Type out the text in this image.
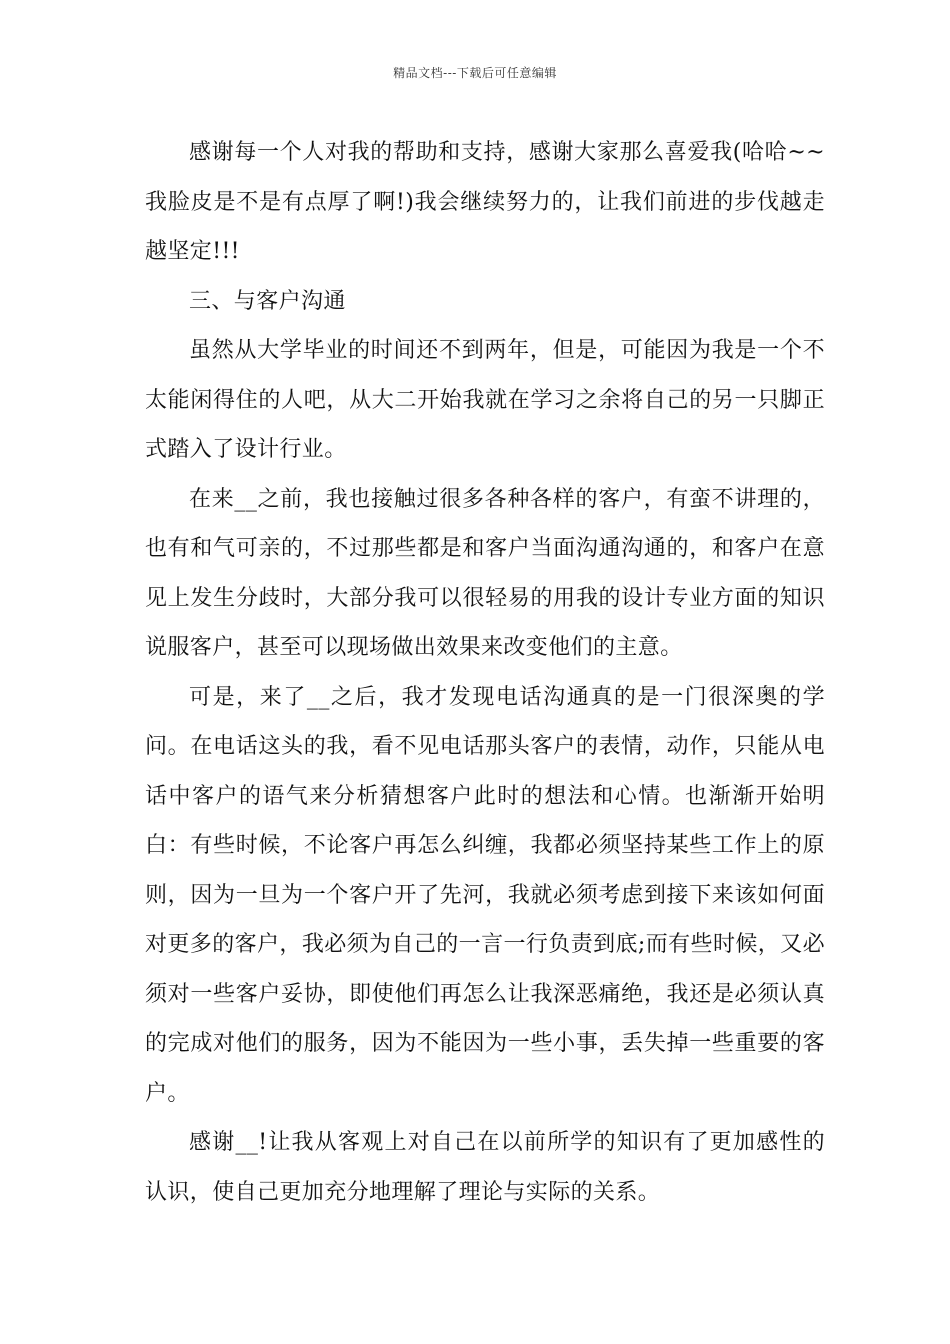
精品文档---下载后可任意编辑

感谢每一个人对我的帮助和支持，感谢大家那么喜爱我(哈哈~~我脸皮是不是有点厚了啊!)我会继续努力的，让我们前进的步伐越走越坚定!!!

三、与客户沟通

虽然从大学毕业的时间还不到两年，但是，可能因为我是一个不太能闲得住的人吧，从大二开始我就在学习之余将自己的另一只脚正式踏入了设计行业。

在来__之前，我也接触过很多各种各样的客户，有蛮不讲理的，也有和气可亲的，不过那些都是和客户当面沟通沟通的，和客户在意见上发生分歧时，大部分我可以很轻易的用我的设计专业方面的知识说服客户，甚至可以现场做出效果来改变他们的主意。

可是，来了__之后，我才发现电话沟通真的是一门很深奥的学问。在电话这头的我，看不见电话那头客户的表情，动作，只能从电话中客户的语气来分析猜想客户此时的想法和心情。也渐渐开始明白：有些时候，不论客户再怎么纠缠，我都必须坚持某些工作上的原则，因为一旦为一个客户开了先河，我就必须考虑到接下来该如何面对更多的客户，我必须为自己的一言一行负责到底;而有些时候，又必须对一些客户妥协，即使他们再怎么让我深恶痛绝，我还是必须认真的完成对他们的服务，因为不能因为一些小事，丢失掉一些重要的客户。

感谢__!让我从客观上对自己在以前所学的知识有了更加感性的认识，使自己更加充分地理解了理论与实际的关系。
